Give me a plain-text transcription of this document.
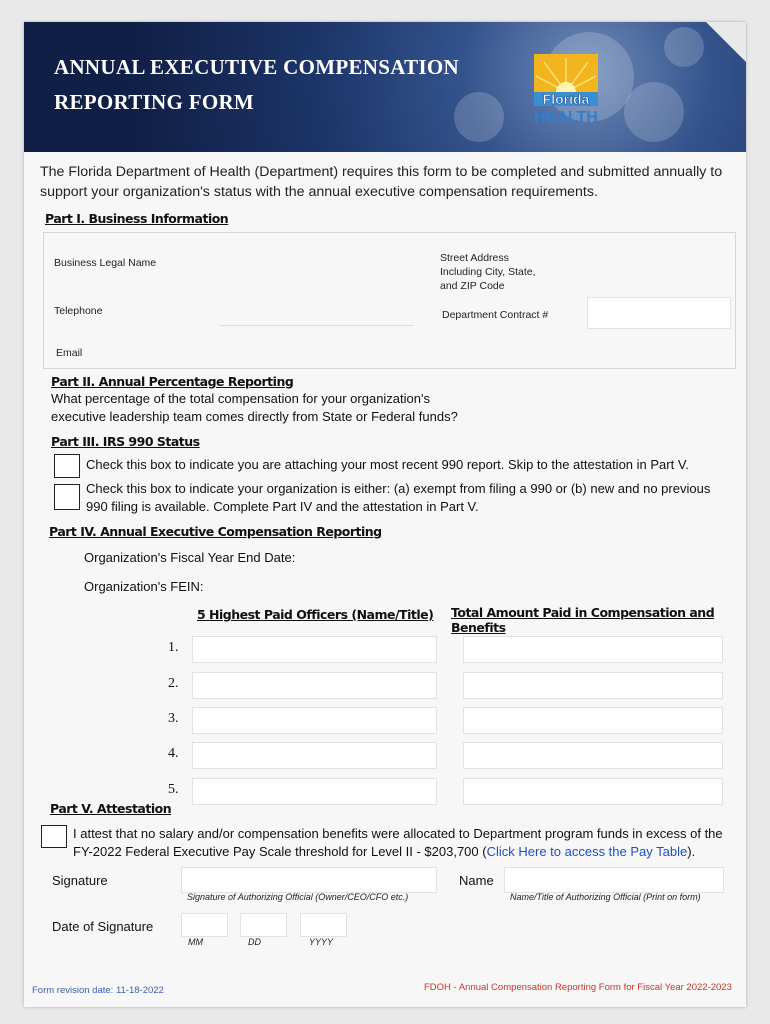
ANNUAL EXECUTIVE COMPENSATION
REPORTING FORM	Florida
HEALTH
The Florida Department of Health (Department) requires this form to be completed and submitted annually to support your organization's status with the annual executive compensation requirements.
Part I. Business Information
Business Legal Name	Street Address
Including City, State,
and ZIP Code
Telephone	Department Contract #
Email
Part II. Annual Percentage Reporting
What percentage of the total compensation for your organization's
executive leadership team comes directly from State or Federal funds?
Part III. IRS 990 Status
Check this box to indicate you are attaching your most recent 990 report. Skip to the attestation in Part V.
Check this box to indicate your organization is either: (a) exempt from filing a 990 or (b) new and no previous
990 filing is available. Complete Part IV and the attestation in Part V.
Part IV. Annual Executive Compensation Reporting
Organization's Fiscal Year End Date:
Organization's FEIN:
5 Highest Paid Officers (Name/Title) Total Amount Paid in Compensation and Benefits
1.
2.
3.
4.
5.
Part V. Attestation
I attest that no salary and/or compensation benefits were allocated to Department program funds in excess of the
FY-2022 Federal Executive Pay Scale threshold for Level II - $203,700 (Click Here to access the Pay Table).
Signature
Signature of Authorizing Official (Owner/CEO/CFO etc.)
Name
Name/Title of Authorizing Official (Print on form)
Date of Signature
MM	DD	YYYY
Form revision date: 11-18-2022	FDOH - Annual Compensation Reporting Form for Fiscal Year 2022-2023
